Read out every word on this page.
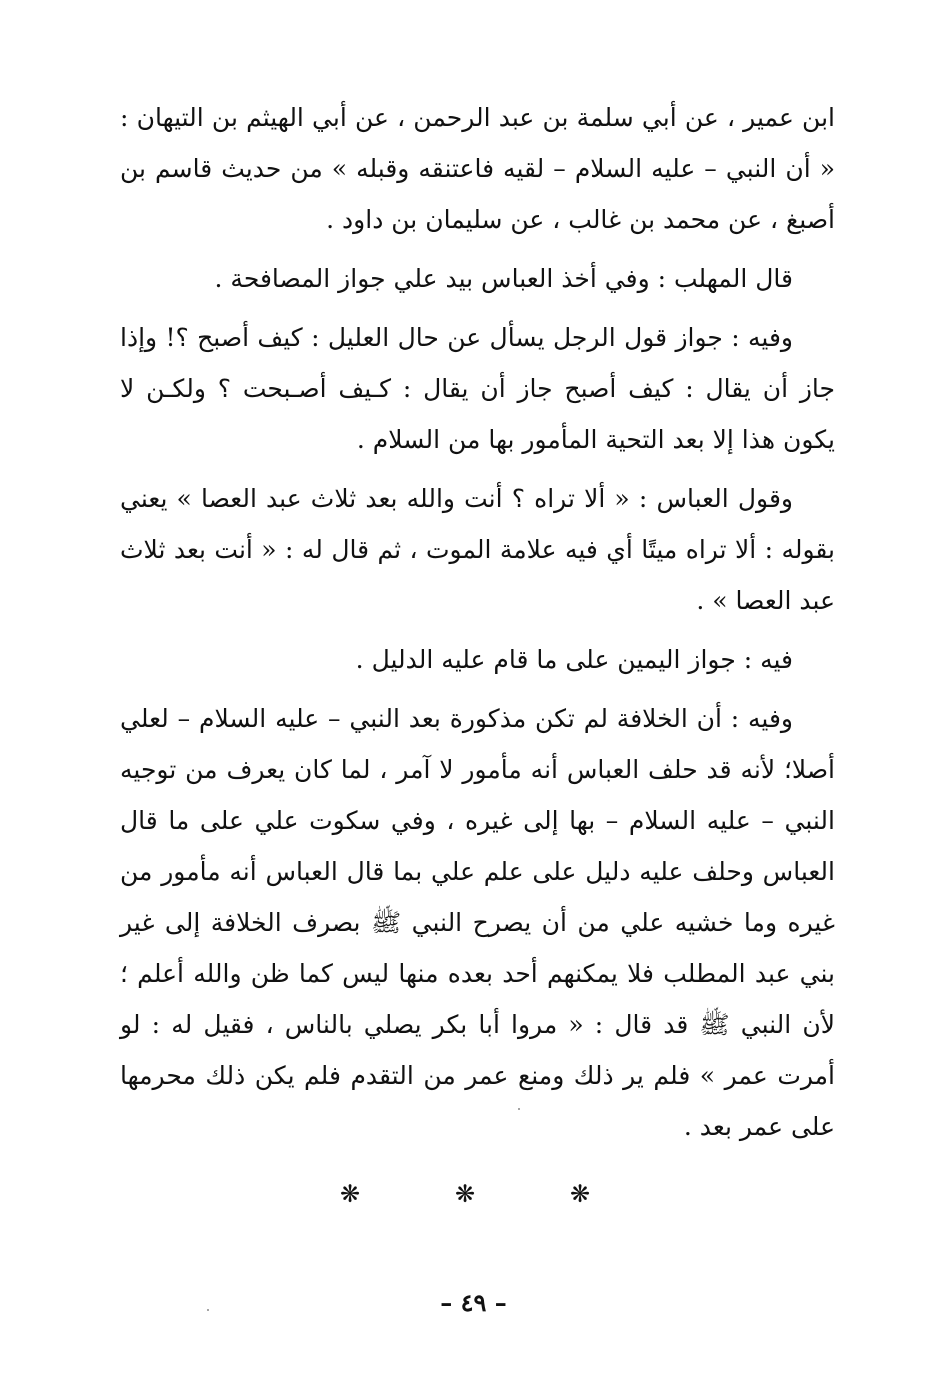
ابن عمير ، عن أبي سلمة بن عبد الرحمن ، عن أبي الهيثم بن التيهان : « أن النبي – عليه السلام – لقيه فاعتنقه وقبله » من حديث قاسم بن أصبغ ، عن محمد بن غالب ، عن سليمان بن داود .

قال المهلب : وفي أخذ العباس بيد علي جواز المصافحة .

وفيه : جواز قول الرجل يسأل عن حال العليل : كيف أصبح ؟! وإذا جاز أن يقال : كيف أصبح جاز أن يقال : كـيف أصـبحت ؟ ولكـن لا يكون هذا إلا بعد التحية المأمور بها من السلام .

وقول العباس : « ألا تراه ؟ أنت والله بعد ثلاث عبد العصا » يعني بقوله : ألا تراه ميتًا أي فيه علامة الموت ، ثم قال له : « أنت بعد ثلاث عبد العصا » .

فيه : جواز اليمين على ما قام عليه الدليل .

وفيه : أن الخلافة لم تكن مذكورة بعد النبي – عليه السلام – لعلي أصلا؛ لأنه قد حلف العباس أنه مأمور لا آمر ، لما كان يعرف من توجيه النبي – عليه السلام – بها إلى غيره ، وفي سكوت علي على ما قال العباس وحلف عليه دليل على علم علي بما قال العباس أنه مأمور من غيره وما خشيه علي من أن يصرح النبي ﷺ بصرف الخلافة إلى غير بني عبد المطلب فلا يمكنهم أحد بعده منها ليس كما ظن والله أعلم ؛ لأن النبي ﷺ قد قال : « مروا أبا بكر يصلي بالناس ، فقيل له : لو أمرت عمر » فلم ير ذلك ومنع عمر من التقدم فلم يكن ذلك محرمها على عمر بعد .

❋	❋	❋
– ٤٩ –
